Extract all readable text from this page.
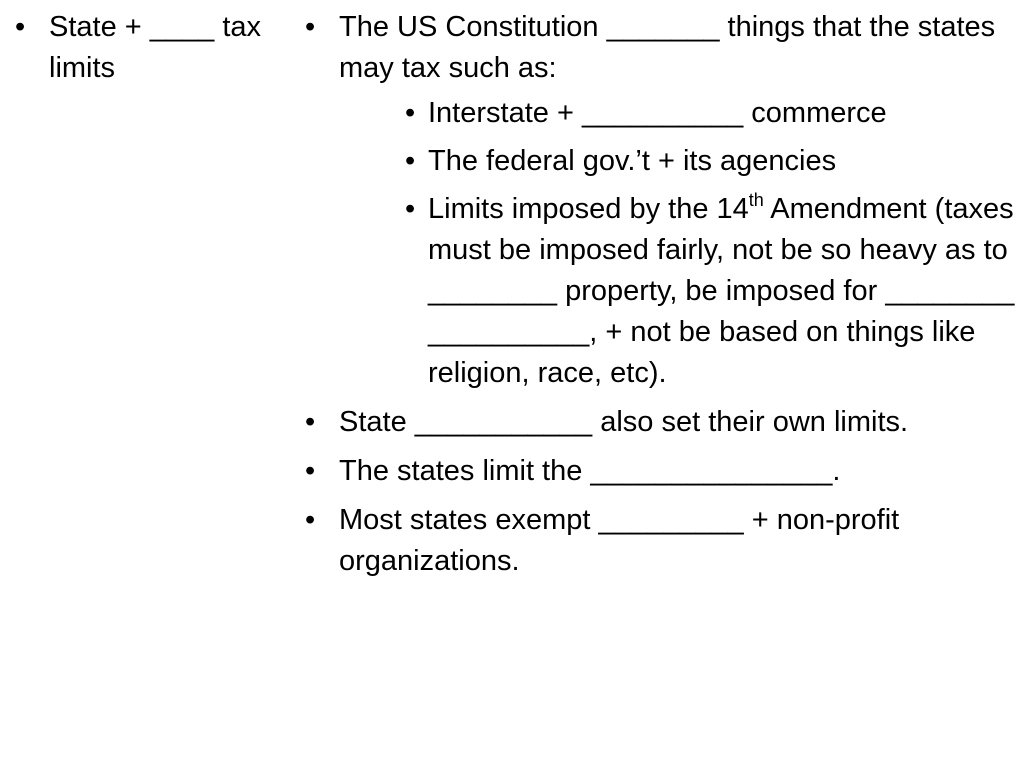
• State + ____ tax limits
• The US Constitution _______ things that the states may tax such as:
• Interstate + __________ commerce
• The federal gov.’t + its agencies
• Limits imposed by the 14th Amendment (taxes must be imposed fairly, not be so heavy as to ________ property, be imposed for ________ __________, + not be based on things like religion, race, etc).
• State ___________ also set their own limits.
• The states limit the _______________.
• Most states exempt _________ + non-profit organizations.
